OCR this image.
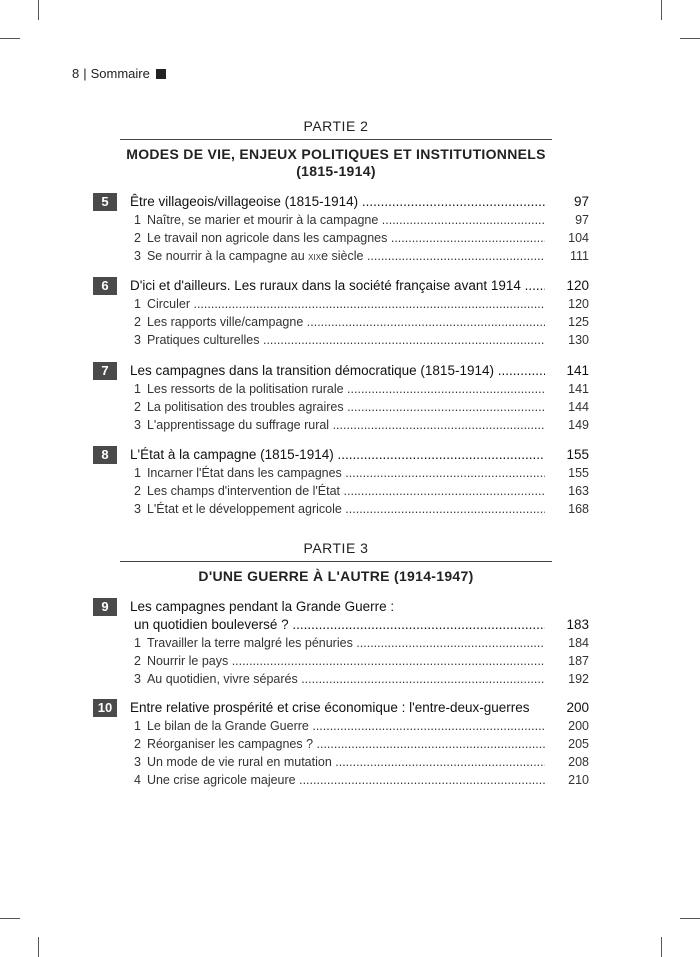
8 | Sommaire
PARTIE 2
MODES DE VIE, ENJEUX POLITIQUES ET INSTITUTIONNELS
(1815-1914)
5	Être villageois/villageoise (1815-1914) .....	97
1 Naître, se marier et mourir à la campagne .....	97
2 Le travail non agricole dans les campagnes .....	104
3 Se nourrir à la campagne au xixe siècle .....	111
6	D'ici et d'ailleurs. Les ruraux dans la société française avant 1914 .....	120
1 Circuler .....	120
2 Les rapports ville/campagne .....	125
3 Pratiques culturelles .....	130
7	Les campagnes dans la transition démocratique (1815-1914) .....	141
1 Les ressorts de la politisation rurale .....	141
2 La politisation des troubles agraires .....	144
3 L'apprentissage du suffrage rural .....	149
8	L'État à la campagne (1815-1914) .....	155
1 Incarner l'État dans les campagnes .....	155
2 Les champs d'intervention de l'État .....	163
3 L'État et le développement agricole .....	168
PARTIE 3
D'UNE GUERRE À L'AUTRE (1914-1947)
9	Les campagnes pendant la Grande Guerre :
un quotidien bouleversé ? .....	183
1 Travailler la terre malgré les pénuries .....	184
2 Nourrir le pays .....	187
3 Au quotidien, vivre séparés .....	192
10	Entre relative prospérité et crise économique : l'entre-deux-guerres	200
1 Le bilan de la Grande Guerre .....	200
2 Réorganiser les campagnes ? .....	205
3 Un mode de vie rural en mutation .....	208
4 Une crise agricole majeure .....	210
